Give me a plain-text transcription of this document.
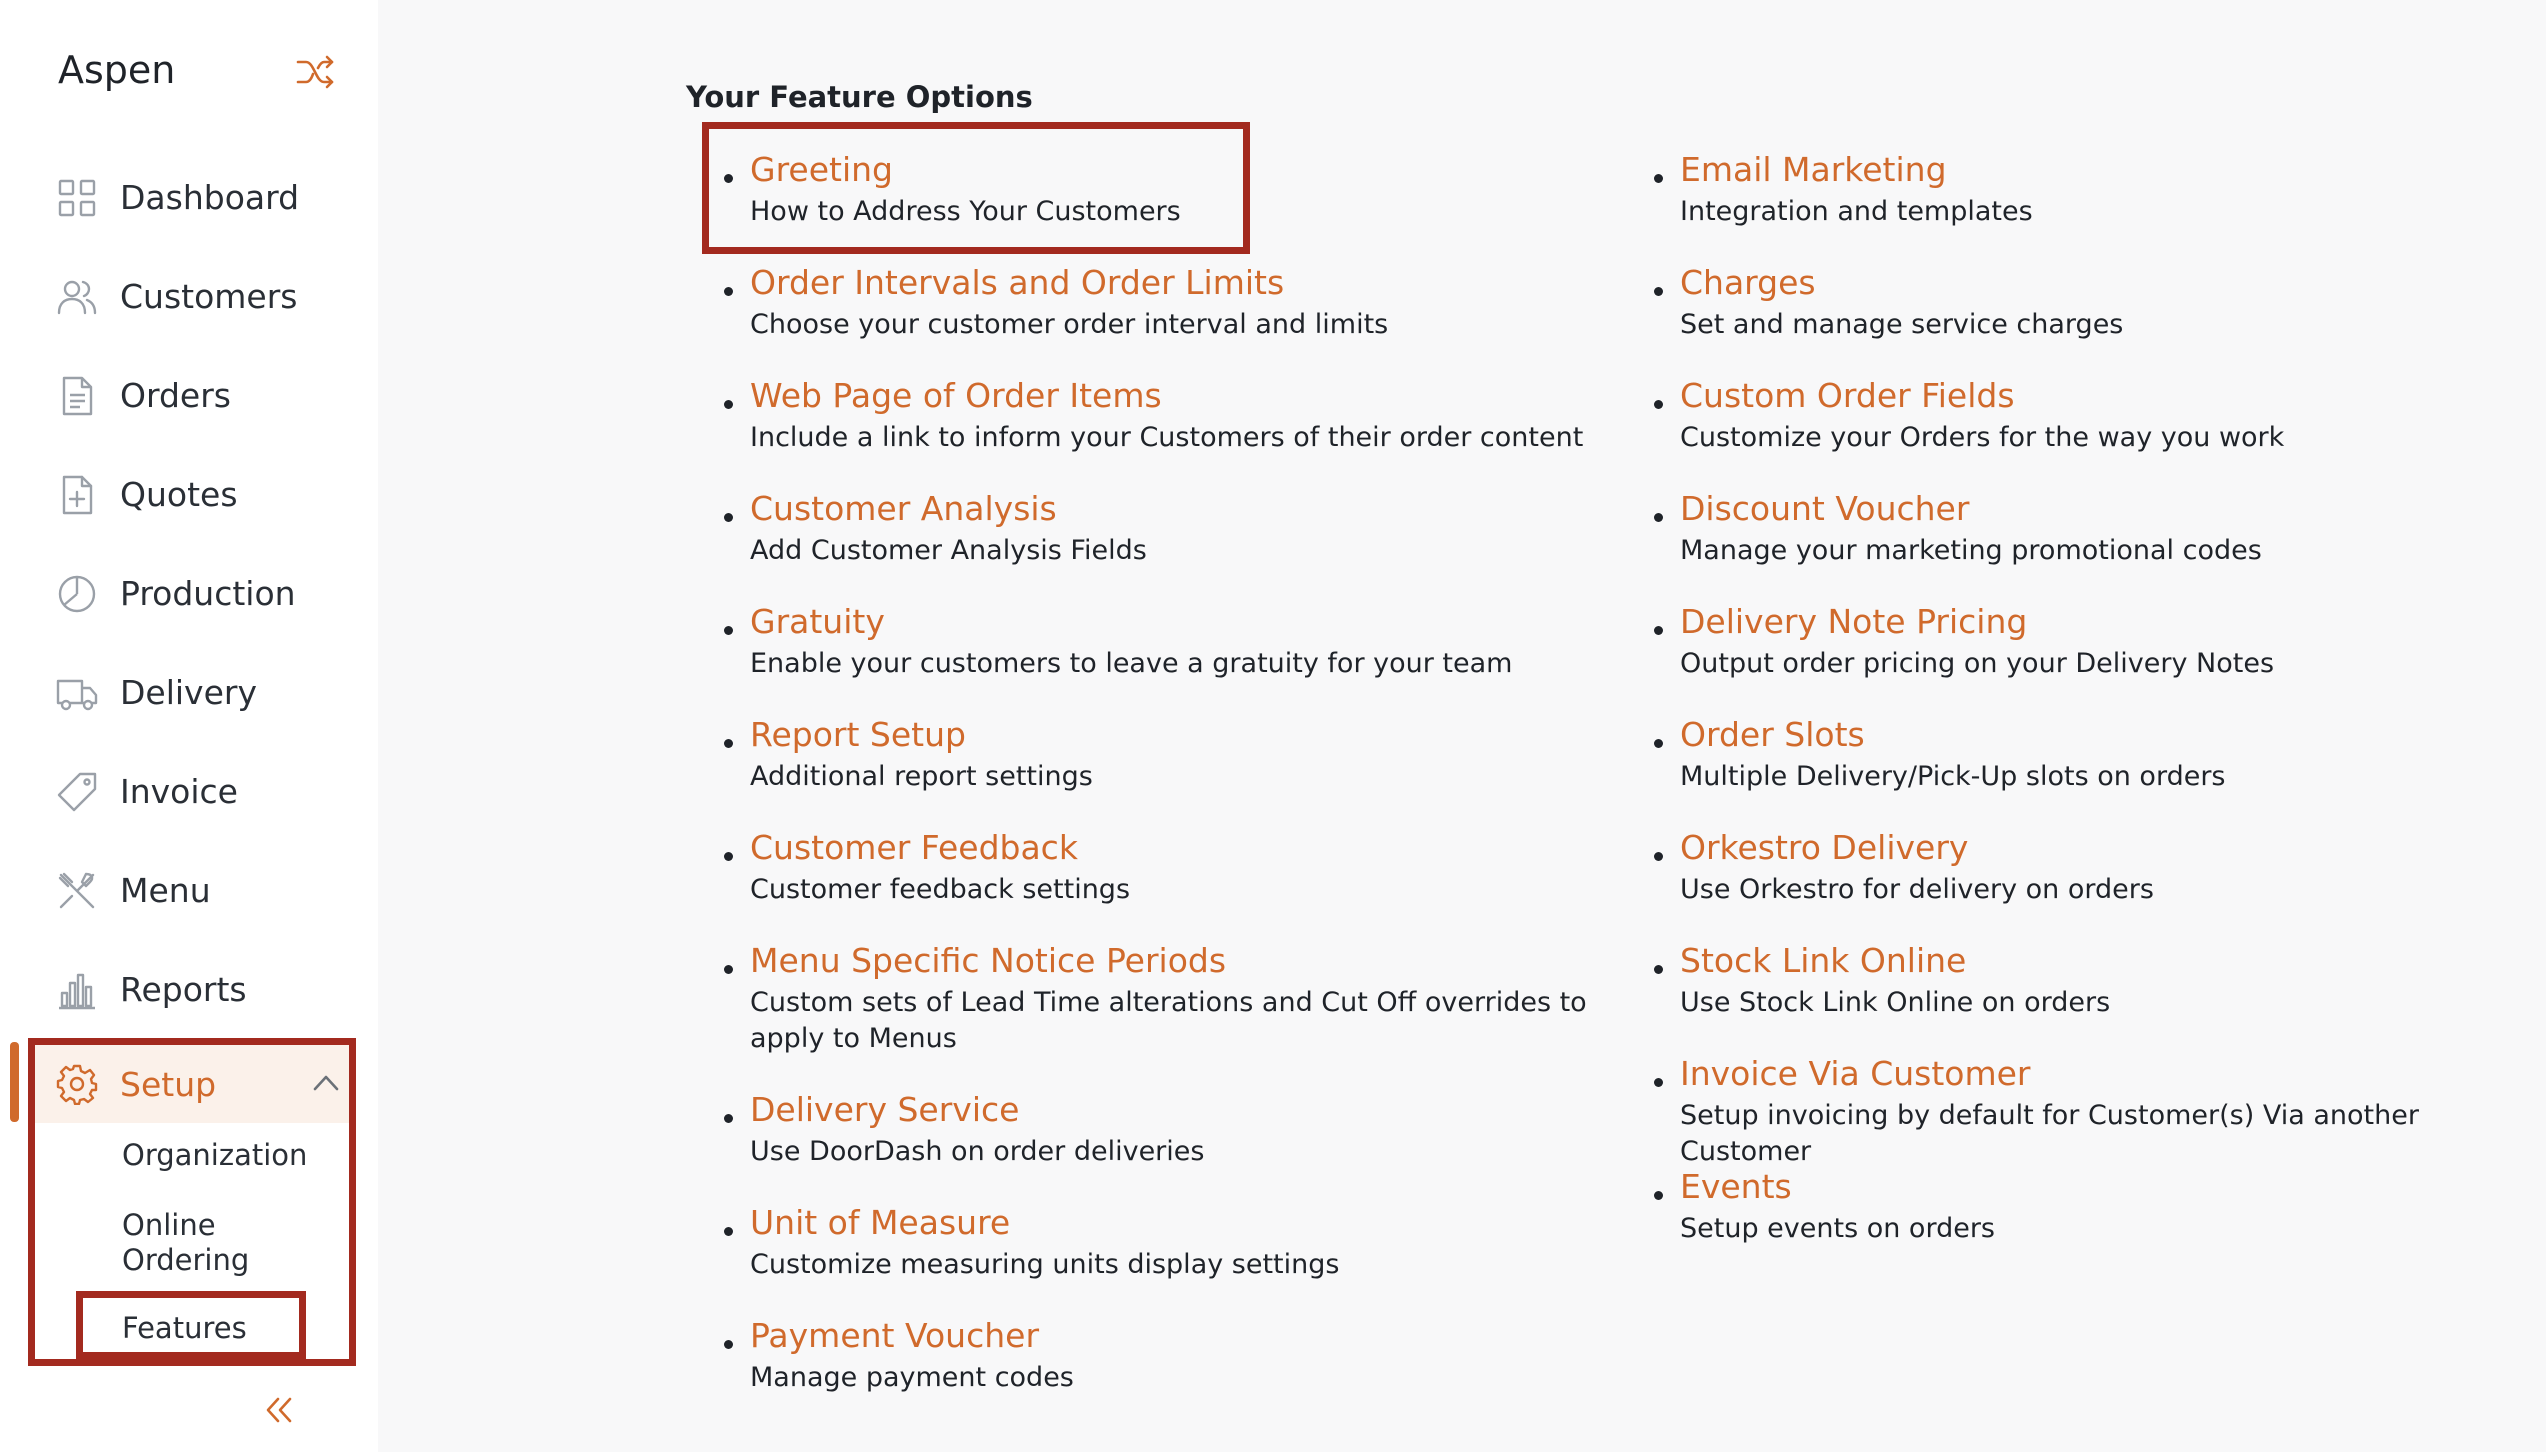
Aspen
Dashboard
Customers
Orders
Quotes
Production
Delivery
Invoice
Menu
Reports
Setup
Organization
Online Ordering
Features
Your Feature Options
Greeting
How to Address Your Customers
Order Intervals and Order Limits
Choose your customer order interval and limits
Web Page of Order Items
Include a link to inform your Customers of their order content
Customer Analysis
Add Customer Analysis Fields
Gratuity
Enable your customers to leave a gratuity for your team
Report Setup
Additional report settings
Customer Feedback
Customer feedback settings
Menu Specific Notice Periods
Custom sets of Lead Time alterations and Cut Off overrides to apply to Menus
Delivery Service
Use DoorDash on order deliveries
Unit of Measure
Customize measuring units display settings
Payment Voucher
Manage payment codes
Email Marketing
Integration and templates
Charges
Set and manage service charges
Custom Order Fields
Customize your Orders for the way you work
Discount Voucher
Manage your marketing promotional codes
Delivery Note Pricing
Output order pricing on your Delivery Notes
Order Slots
Multiple Delivery/Pick-Up slots on orders
Orkestro Delivery
Use Orkestro for delivery on orders
Stock Link Online
Use Stock Link Online on orders
Invoice Via Customer
Setup invoicing by default for Customer(s) Via another Customer
Events
Setup events on orders
